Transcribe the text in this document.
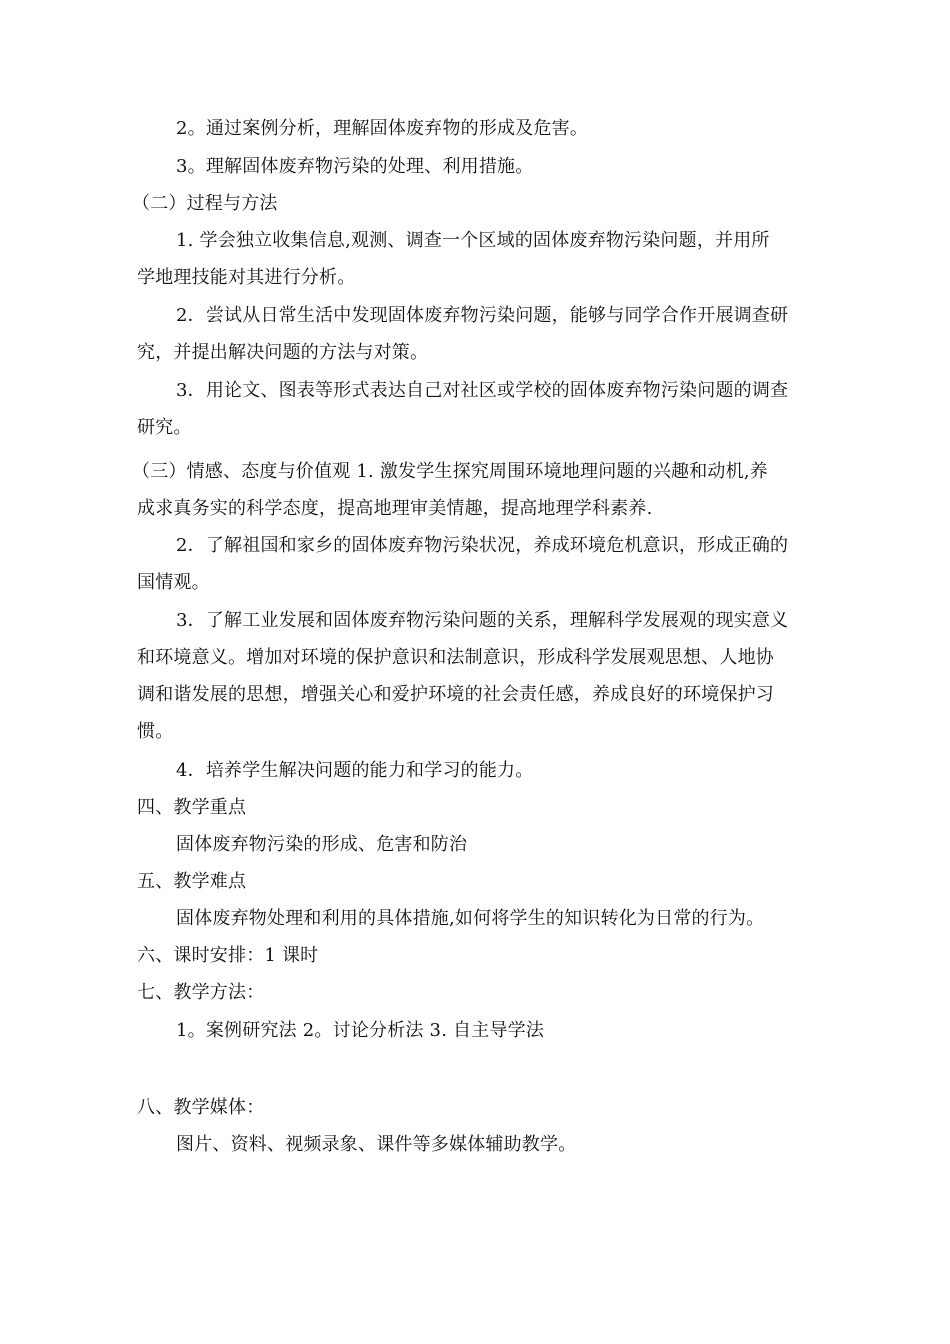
2。通过案例分析，理解固体废弃物的形成及危害。
3。理解固体废弃物污染的处理、利用措施。
（二）过程与方法
1. 学会独立收集信息,观测、调查一个区域的固体废弃物污染问题，并用所
学地理技能对其进行分析。
2．尝试从日常生活中发现固体废弃物污染问题，能够与同学合作开展调查研
究，并提出解决问题的方法与对策。
3．用论文、图表等形式表达自己对社区或学校的固体废弃物污染问题的调查
研究。
（三）情感、态度与价值观 1. 激发学生探究周围环境地理问题的兴趣和动机,养
成求真务实的科学态度，提高地理审美情趣，提高地理学科素养.
2．了解祖国和家乡的固体废弃物污染状况，养成环境危机意识，形成正确的
国情观。
3．了解工业发展和固体废弃物污染问题的关系，理解科学发展观的现实意义
和环境意义。增加对环境的保护意识和法制意识，形成科学发展观思想、人地协
调和谐发展的思想，增强关心和爱护环境的社会责任感，养成良好的环境保护习
惯。
4．培养学生解决问题的能力和学习的能力。
四、教学重点
固体废弃物污染的形成、危害和防治
五、教学难点
固体废弃物处理和利用的具体措施,如何将学生的知识转化为日常的行为。
六、课时安排：1 课时
七、教学方法：
1。案例研究法 2。讨论分析法 3. 自主导学法
八、教学媒体：
图片、资料、视频录象、课件等多媒体辅助教学。
